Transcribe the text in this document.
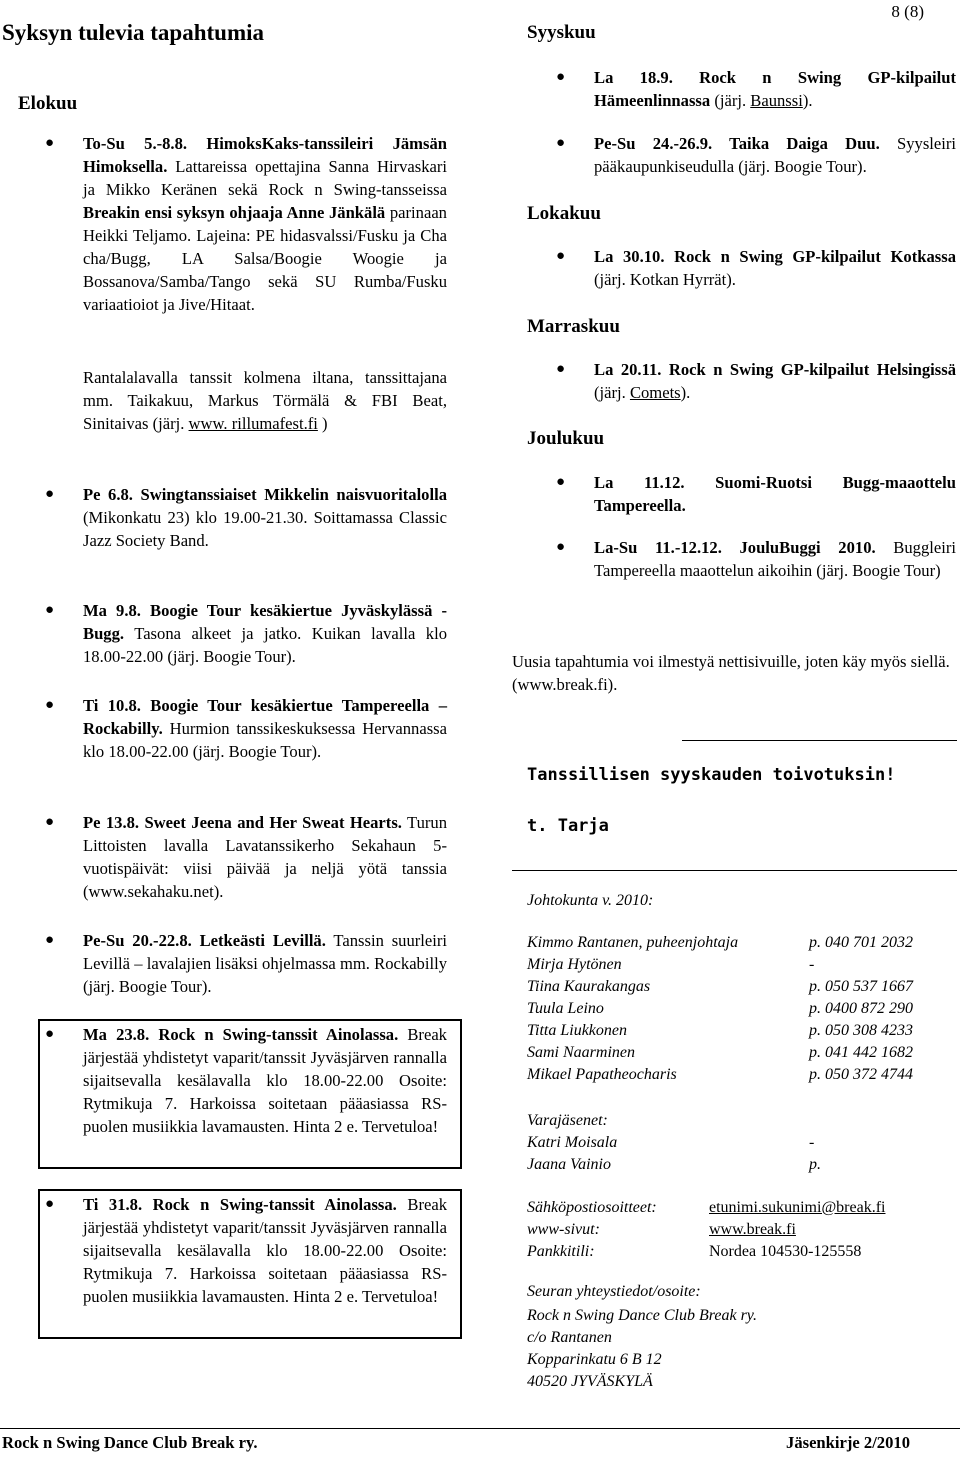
8 (8)
Syksyn tulevia tapahtumia
Elokuu
● To-Su 5.-8.8. HimoksKaks-tanssileiri Jämsän Himoksella. Lattareissa opettajina Sanna Hirvaskari ja Mikko Keränen sekä Rock n Swing-tansseissa Breakin ensi syksyn ohjaaja Anne Jänkälä parinaan Heikki Teljamo. Lajeina: PE hidasvalssi/Fusku ja Cha cha/Bugg, LA Salsa/Boogie Woogie ja Bossanova/Samba/Tango sekä SU Rumba/Fusku variaatioiot ja Jive/Hitaat.
Rantalalavalla tanssit kolmena iltana, tanssittajana mm. Taikakuu, Markus Törmälä & FBI Beat, Sinitaivas (järj. www. rillumafest.fi )
● Pe 6.8. Swingtanssiaiset Mikkelin naisvuoritalolla (Mikonkatu 23) klo 19.00-21.30. Soittamassa Classic Jazz Society Band.
● Ma 9.8. Boogie Tour kesäkiertue Jyväskylässä - Bugg. Tasona alkeet ja jatko. Kuikan lavalla klo 18.00-22.00 (järj. Boogie Tour).
● Ti 10.8. Boogie Tour kesäkiertue Tampereella – Rockabilly. Hurmion tanssikeskuksessa Hervannassa klo 18.00-22.00 (järj. Boogie Tour).
● Pe 13.8. Sweet Jeena and Her Sweat Hearts. Turun Littoisten lavalla Lavatanssikerho Sekahaun 5-vuotispäivät: viisi päivää ja neljä yötä tanssia (www.sekahaku.net).
● Pe-Su 20.-22.8. Letkeästi Levillä. Tanssin suurleiri Levillä – lavalajien lisäksi ohjelmassa mm. Rockabilly (järj. Boogie Tour).
● Ma 23.8. Rock n Swing-tanssit Ainolassa. Break järjestää yhdistetyt vaparit/tanssit Jyväsjärven rannalla sijaitsevalla kesälavalla klo 18.00-22.00 Osoite: Rytmikuja 7. Harkoissa soitetaan pääasiassa RS-puolen musiikkia lavamausten. Hinta 2 e. Tervetuloa!
● Ti 31.8. Rock n Swing-tanssit Ainolassa. Break järjestää yhdistetyt vaparit/tanssit Jyväsjärven rannalla sijaitsevalla kesälavalla klo 18.00-22.00 Osoite: Rytmikuja 7. Harkoissa soitetaan pääasiassa RS-puolen musiikkia lavamausten. Hinta 2 e. Tervetuloa!
Syyskuu
● La 18.9. Rock n Swing GP-kilpailut Hämeenlinnassa (järj. Baunssi).
● Pe-Su 24.-26.9. Taika Daiga Duu. Syysleiri pääkaupunkiseudulla (järj. Boogie Tour).
Lokakuu
● La 30.10. Rock n Swing GP-kilpailut Kotkassa (järj. Kotkan Hyrrät).
Marraskuu
● La 20.11. Rock n Swing GP-kilpailut Helsingissä (järj. Comets).
Joulukuu
● La 11.12. Suomi-Ruotsi Bugg-maaottelu Tampereella.
● La-Su 11.-12.12. JouluBuggi 2010. Buggleiri Tampereella maaottelun aikoihin (järj. Boogie Tour)
Uusia tapahtumia voi ilmestyä nettisivuille, joten käy myös siellä. (www.break.fi).
Tanssillisen syyskauden toivotuksin!
t. Tarja
Johtokunta v. 2010:
Kimmo Rantanen, puheenjohtaja	p. 040 701 2032
Mirja Hytönen	-
Tiina Kaurakangas	p. 050 537 1667
Tuula Leino	p. 0400 872 290
Titta Liukkonen	p. 050 308 4233
Sami Naarminen	p. 041 442 1682
Mikael Papatheocharis	p. 050 372 4744
Varajäsenet:
Katri Moisala	-
Jaana Vainio	p.
Sähköpostiosoitteet:	etunimi.sukunimi@break.fi
www-sivut:	www.break.fi
Pankkitili:	Nordea 104530-125558
Seuran yhteystiedot/osoite:
Rock n Swing Dance Club Break ry.
c/o Rantanen
Kopparinkatu 6 B 12
40520 JYVÄSKYLÄ
Rock n Swing Dance Club Break ry.	Jäsenkirje 2/2010
